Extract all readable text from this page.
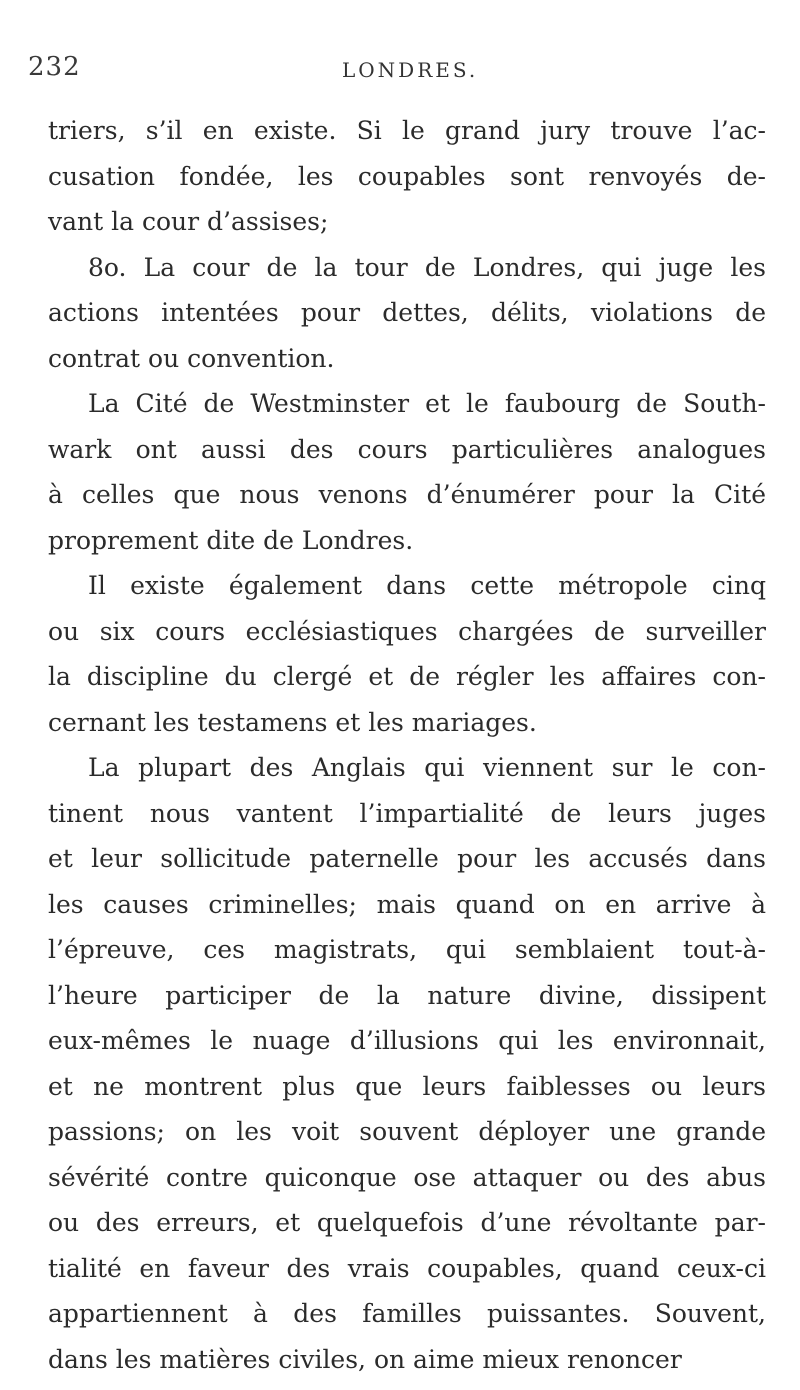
232	LONDRES.
triers, s’il en existe. Si le grand jury trouve l’ac-
cusation fondée, les coupables sont renvoyés de-
vant la cour d’assises;
8o. La cour de la tour de Londres, qui juge les
actions intentées pour dettes, délits, violations de
contrat ou convention.
La Cité de Westminster et le faubourg de South-
wark ont aussi des cours particulières analogues
à celles que nous venons d’énumérer pour la Cité
proprement dite de Londres.
Il existe également dans cette métropole cinq
ou six cours ecclésiastiques chargées de surveiller
la discipline du clergé et de régler les affaires con-
cernant les testamens et les mariages.
La plupart des Anglais qui viennent sur le con-
tinent nous vantent l’impartialité de leurs juges
et leur sollicitude paternelle pour les accusés dans
les causes criminelles; mais quand on en arrive à
l’épreuve, ces magistrats, qui semblaient tout-à-
l’heure participer de la nature divine, dissipent
eux-mêmes le nuage d’illusions qui les environnait,
et ne montrent plus que leurs faiblesses ou leurs
passions; on les voit souvent déployer une grande
sévérité contre quiconque ose attaquer ou des abus
ou des erreurs, et quelquefois d’une révoltante par-
tialité en faveur des vrais coupables, quand ceux-ci
appartiennent à des familles puissantes. Souvent,
dans les matières civiles, on aime mieux renoncer
